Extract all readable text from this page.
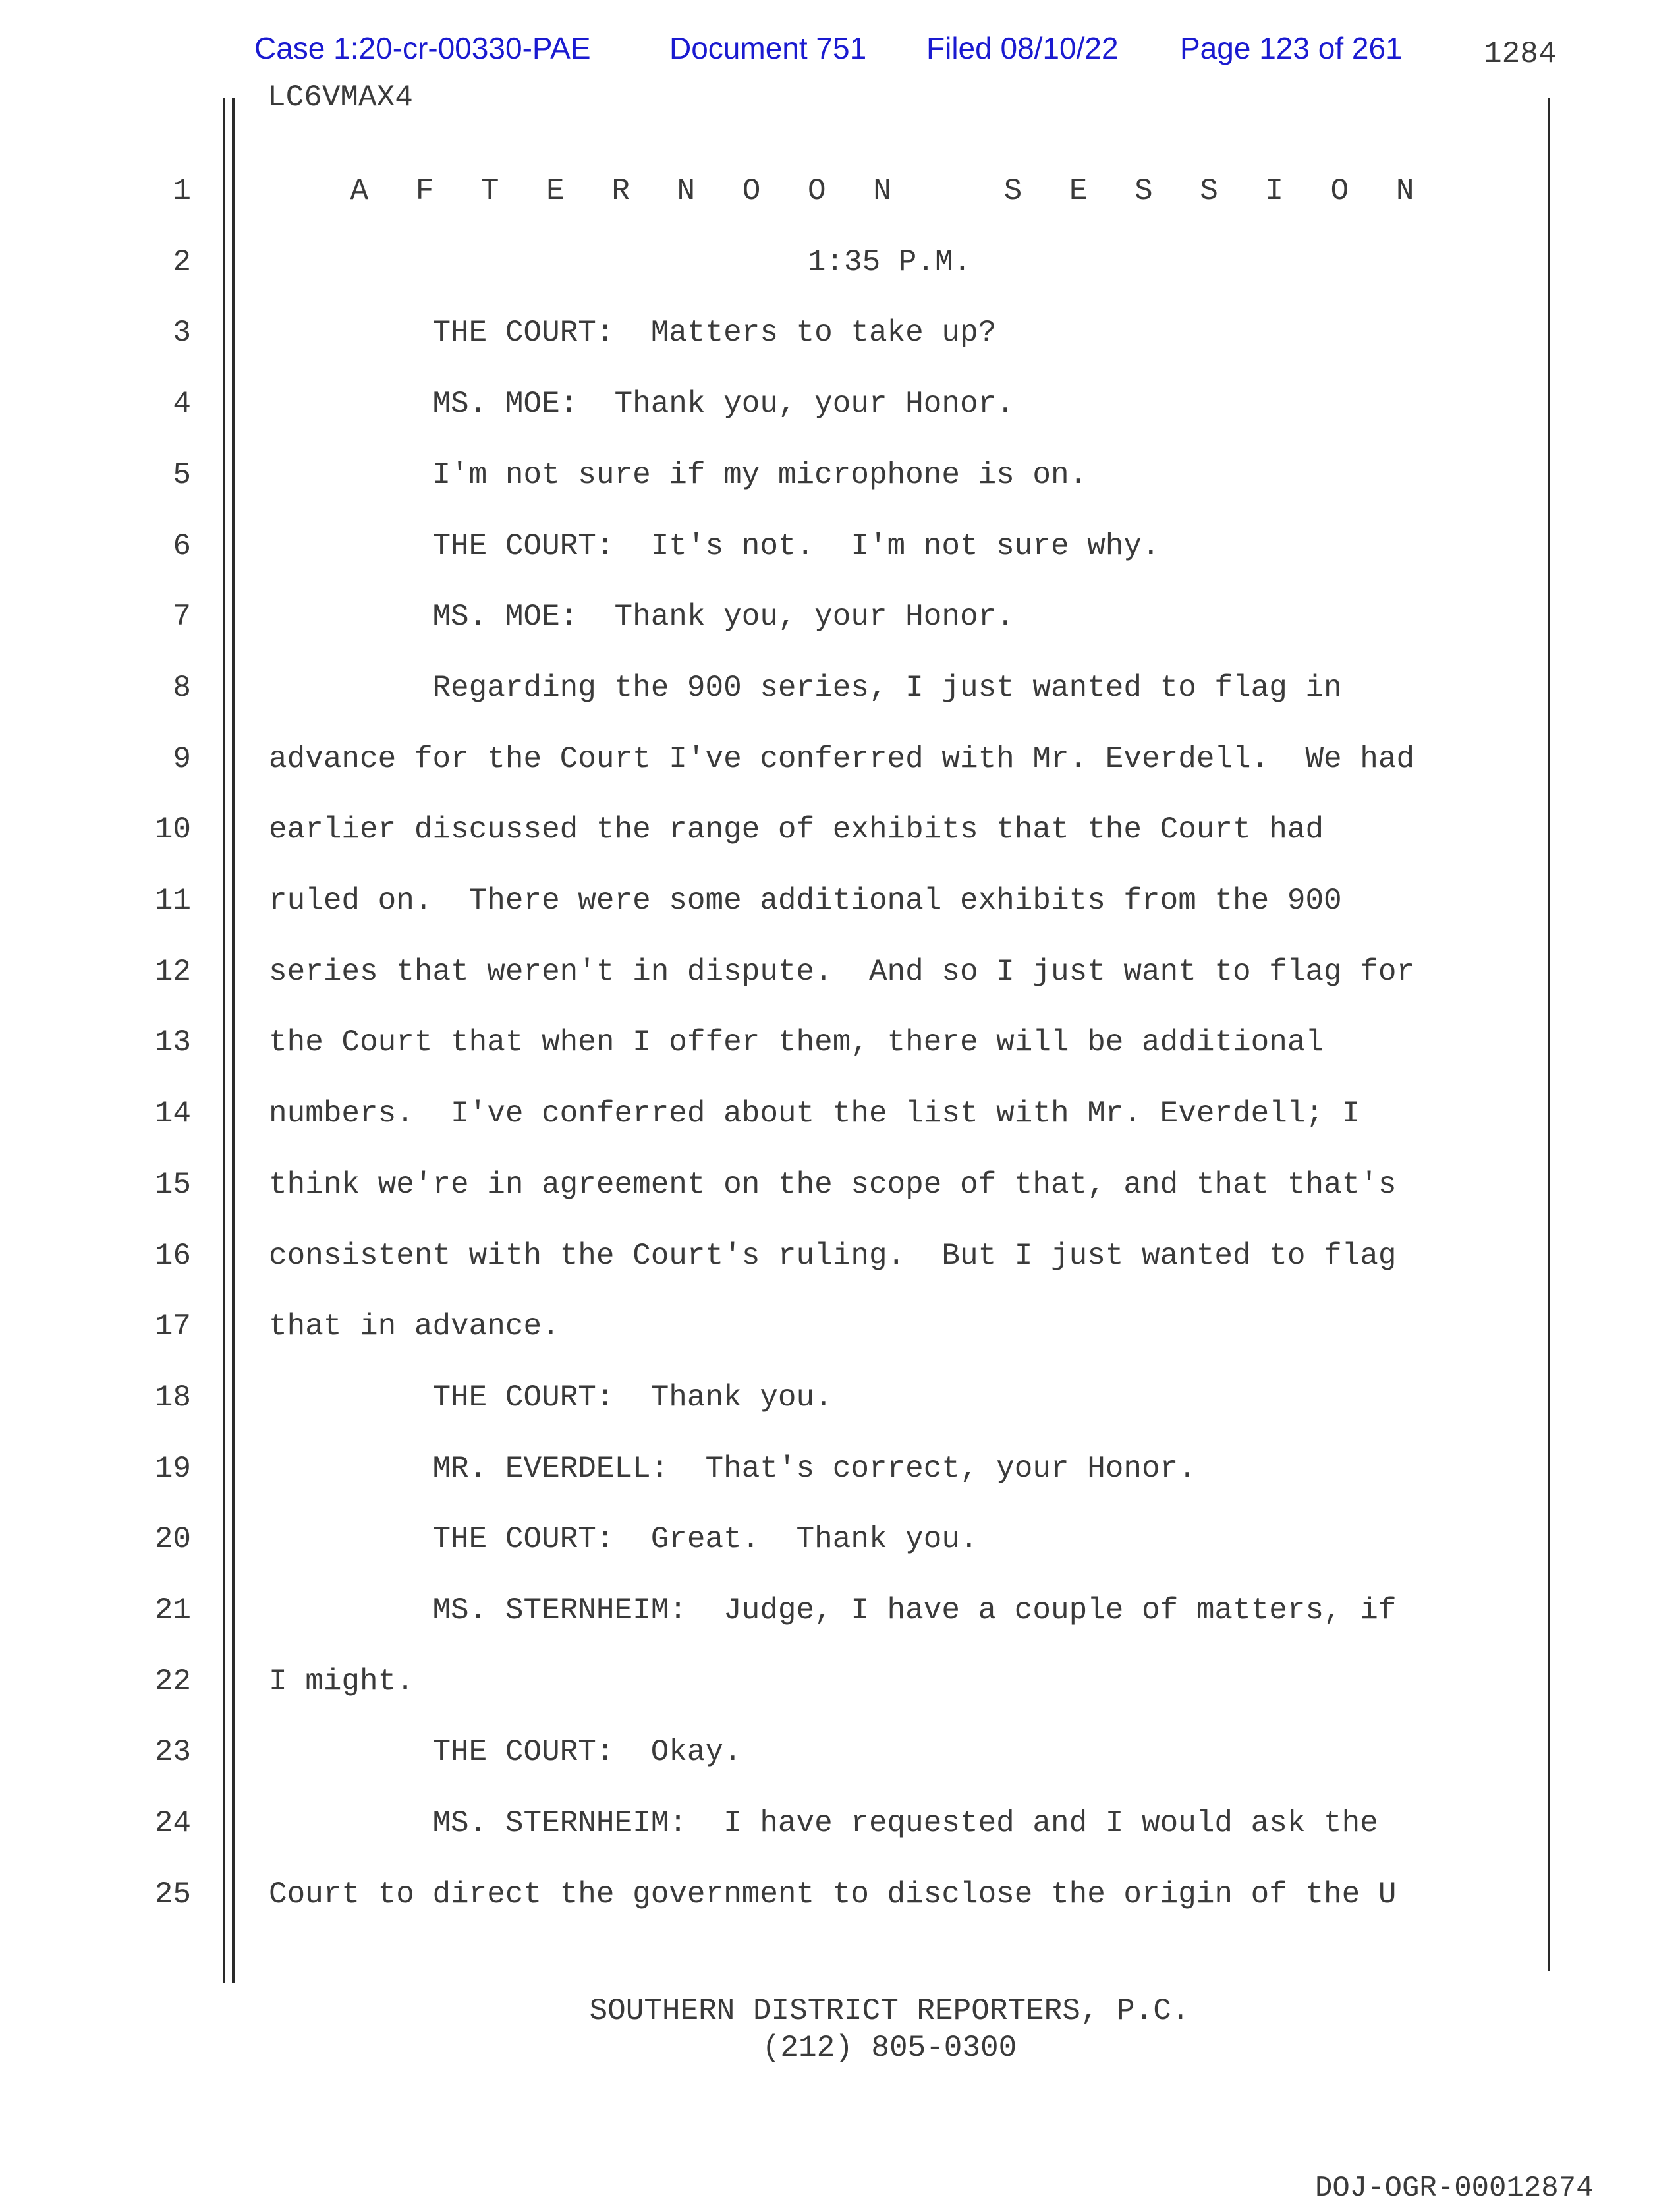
Case 1:20-cr-00330-PAE	Document 751 Filed 08/10/22 Page 123 of 261	1284
LC6VMAX4
1	A F T E R N O O N   S E S S I O N
2	1:35 P.M.
3	THE COURT:  Matters to take up?
4	MS. MOE:  Thank you, your Honor.
5	I'm not sure if my microphone is on.
6	THE COURT:  It's not.  I'm not sure why.
7	MS. MOE:  Thank you, your Honor.
8	Regarding the 900 series, I just wanted to flag in
9	advance for the Court I've conferred with Mr. Everdell.  We had
10	earlier discussed the range of exhibits that the Court had
11	ruled on.  There were some additional exhibits from the 900
12	series that weren't in dispute.  And so I just want to flag for
13	the Court that when I offer them, there will be additional
14	numbers.  I've conferred about the list with Mr. Everdell; I
15	think we're in agreement on the scope of that, and that that's
16	consistent with the Court's ruling.  But I just wanted to flag
17	that in advance.
18	THE COURT:  Thank you.
19	MR. EVERDELL:  That's correct, your Honor.
20	THE COURT:  Great.  Thank you.
21	MS. STERNHEIM:  Judge, I have a couple of matters, if
22	I might.
23	THE COURT:  Okay.
24	MS. STERNHEIM:  I have requested and I would ask the
25	Court to direct the government to disclose the origin of the U
SOUTHERN DISTRICT REPORTERS, P.C.
(212) 805-0300
DOJ-OGR-00012874
